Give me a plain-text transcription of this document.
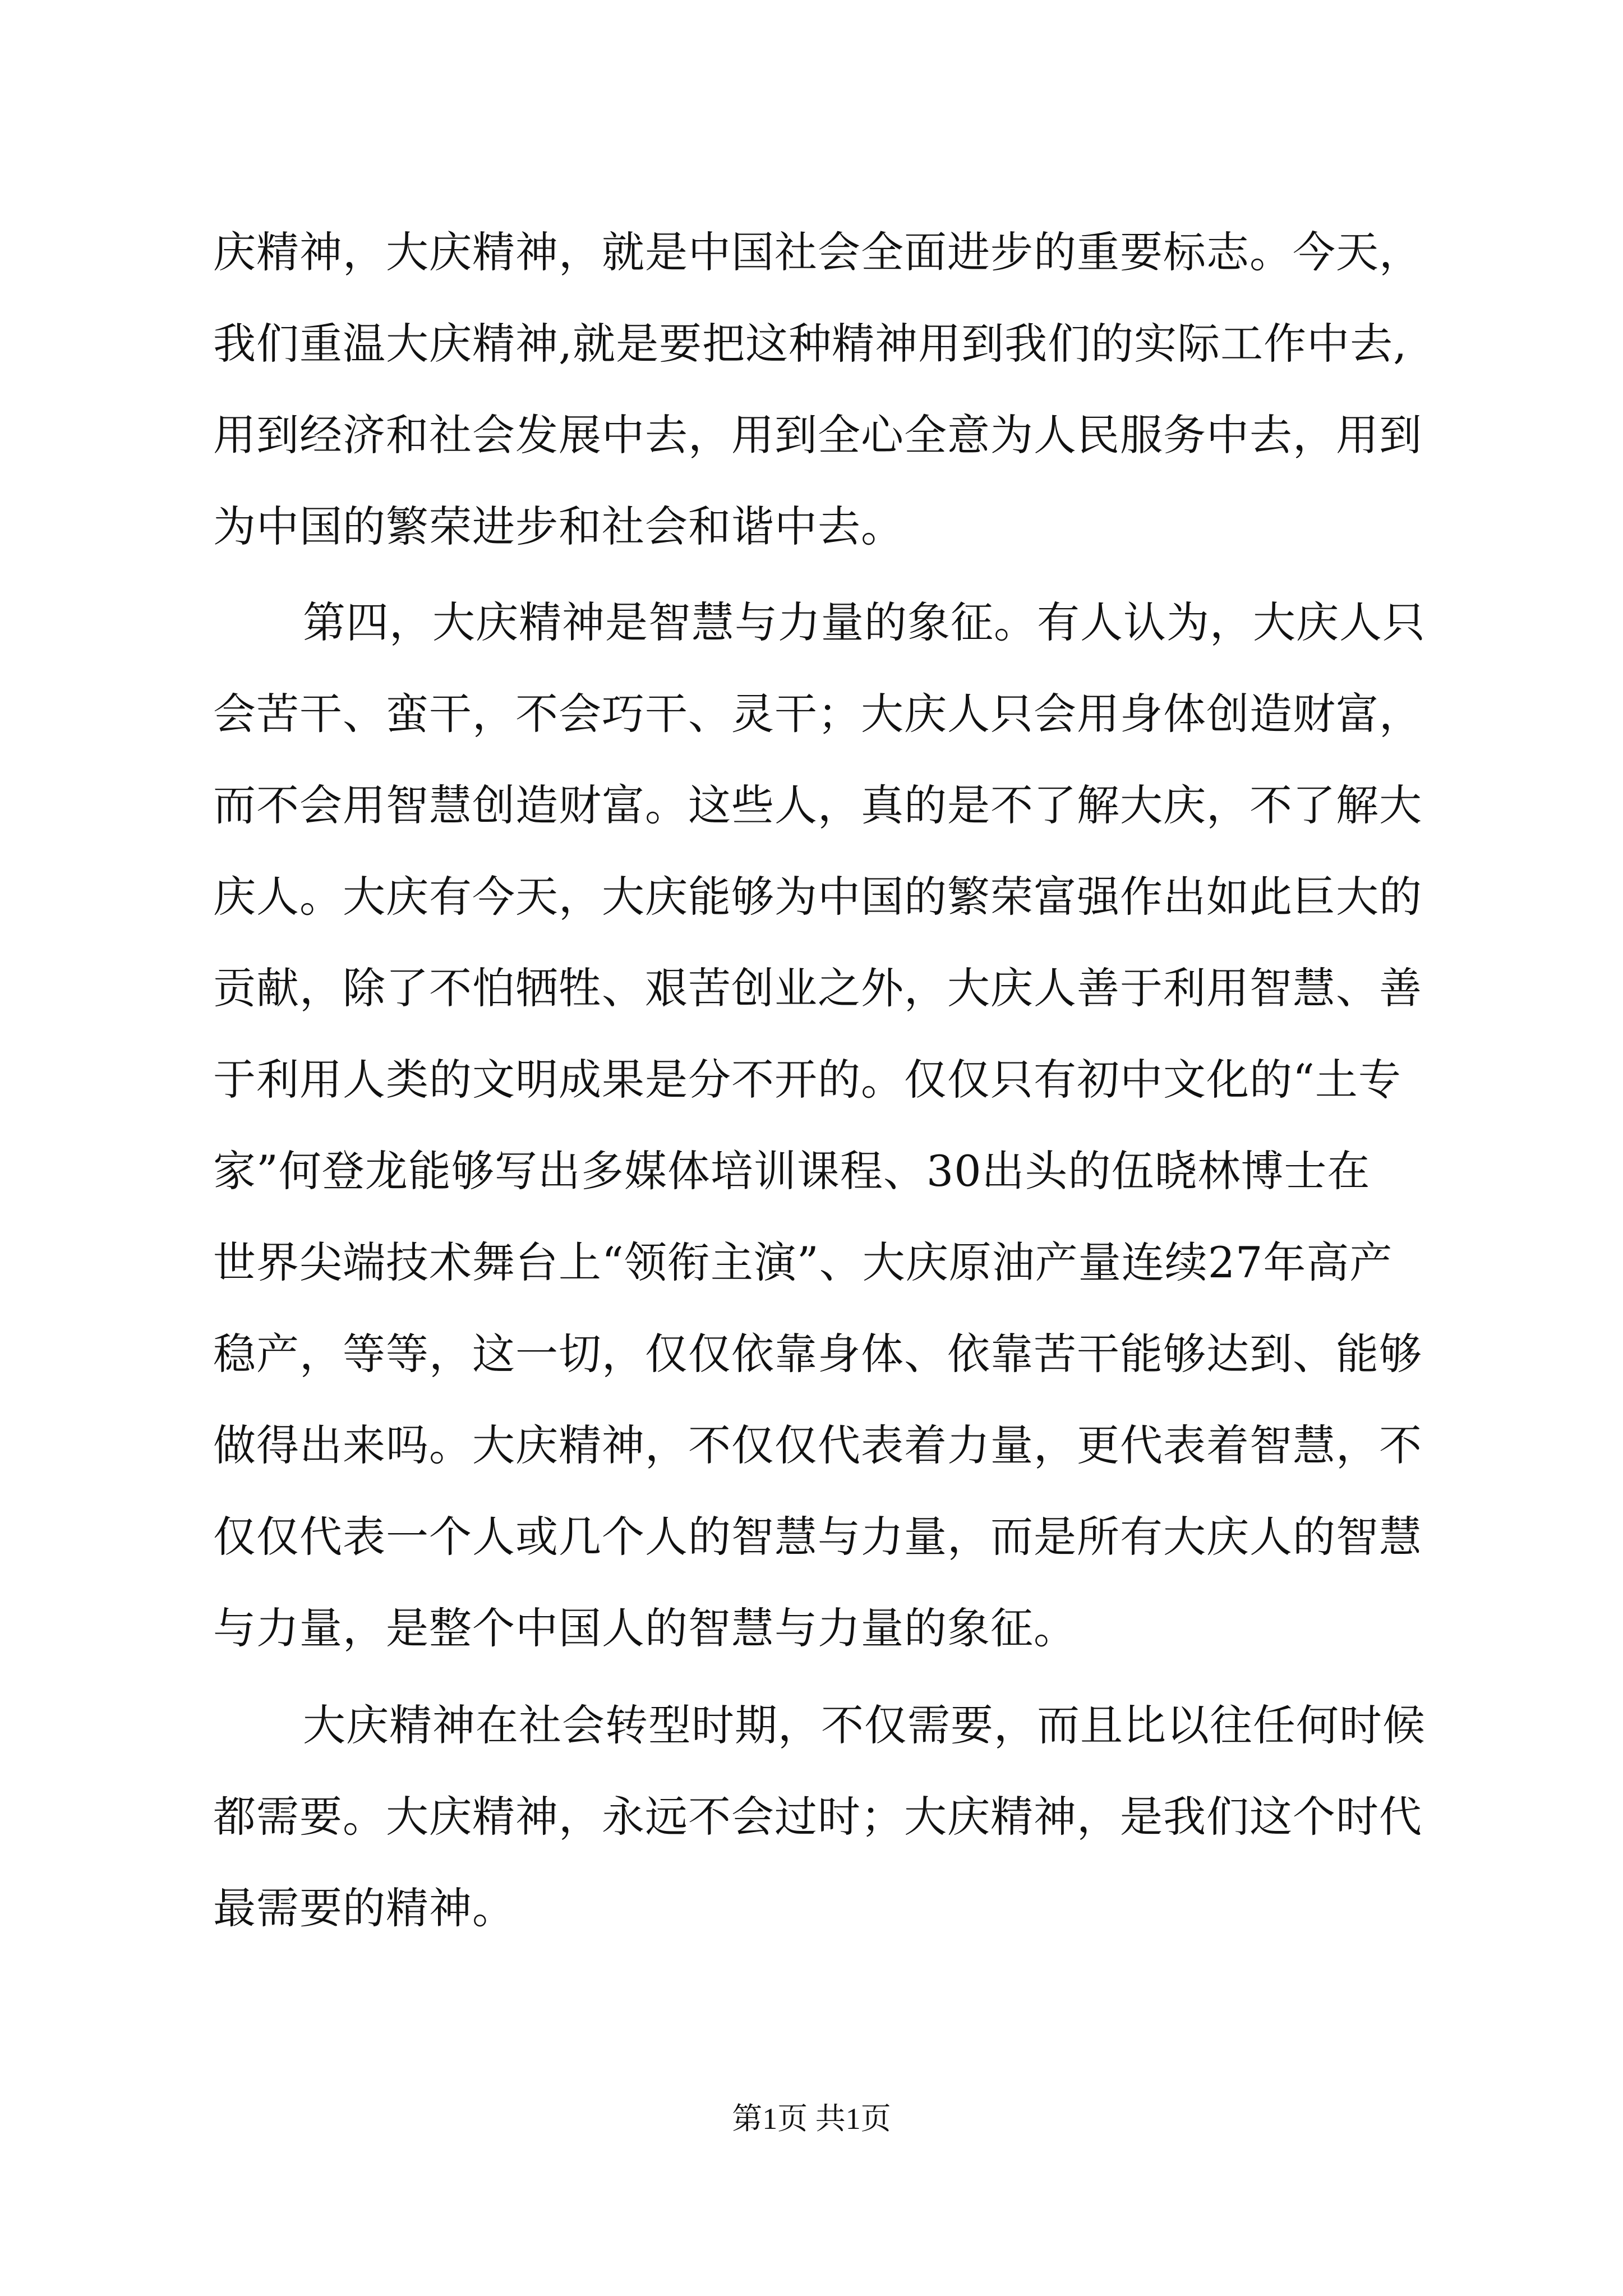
庆精神，大庆精神，就是中国社会全面进步的重要标志。今天，
我们重温大庆精神,就是要把这种精神用到我们的实际工作中去,
用到经济和社会发展中去，用到全心全意为人民服务中去，用到
为中国的繁荣进步和社会和谐中去。
第四，大庆精神是智慧与力量的象征。有人认为，大庆人只
会苦干、蛮干，不会巧干、灵干；大庆人只会用身体创造财富，
而不会用智慧创造财富。这些人，真的是不了解大庆，不了解大
庆人。大庆有今天，大庆能够为中国的繁荣富强作出如此巨大的
贡献，除了不怕牺牲、艰苦创业之外，大庆人善于利用智慧、善
于利用人类的文明成果是分不开的。仅仅只有初中文化的“土专
家”何登龙能够写出多媒体培训课程、30出头的伍晓林博士在
世界尖端技术舞台上“领衔主演”、大庆原油产量连续27年高产
稳产，等等，这一切，仅仅依靠身体、依靠苦干能够达到、能够
做得出来吗。大庆精神，不仅仅代表着力量，更代表着智慧，不
仅仅代表一个人或几个人的智慧与力量，而是所有大庆人的智慧
与力量，是整个中国人的智慧与力量的象征。
大庆精神在社会转型时期，不仅需要，而且比以往任何时候
都需要。大庆精神，永远不会过时；大庆精神，是我们这个时代
最需要的精神。
第1页 共1页
